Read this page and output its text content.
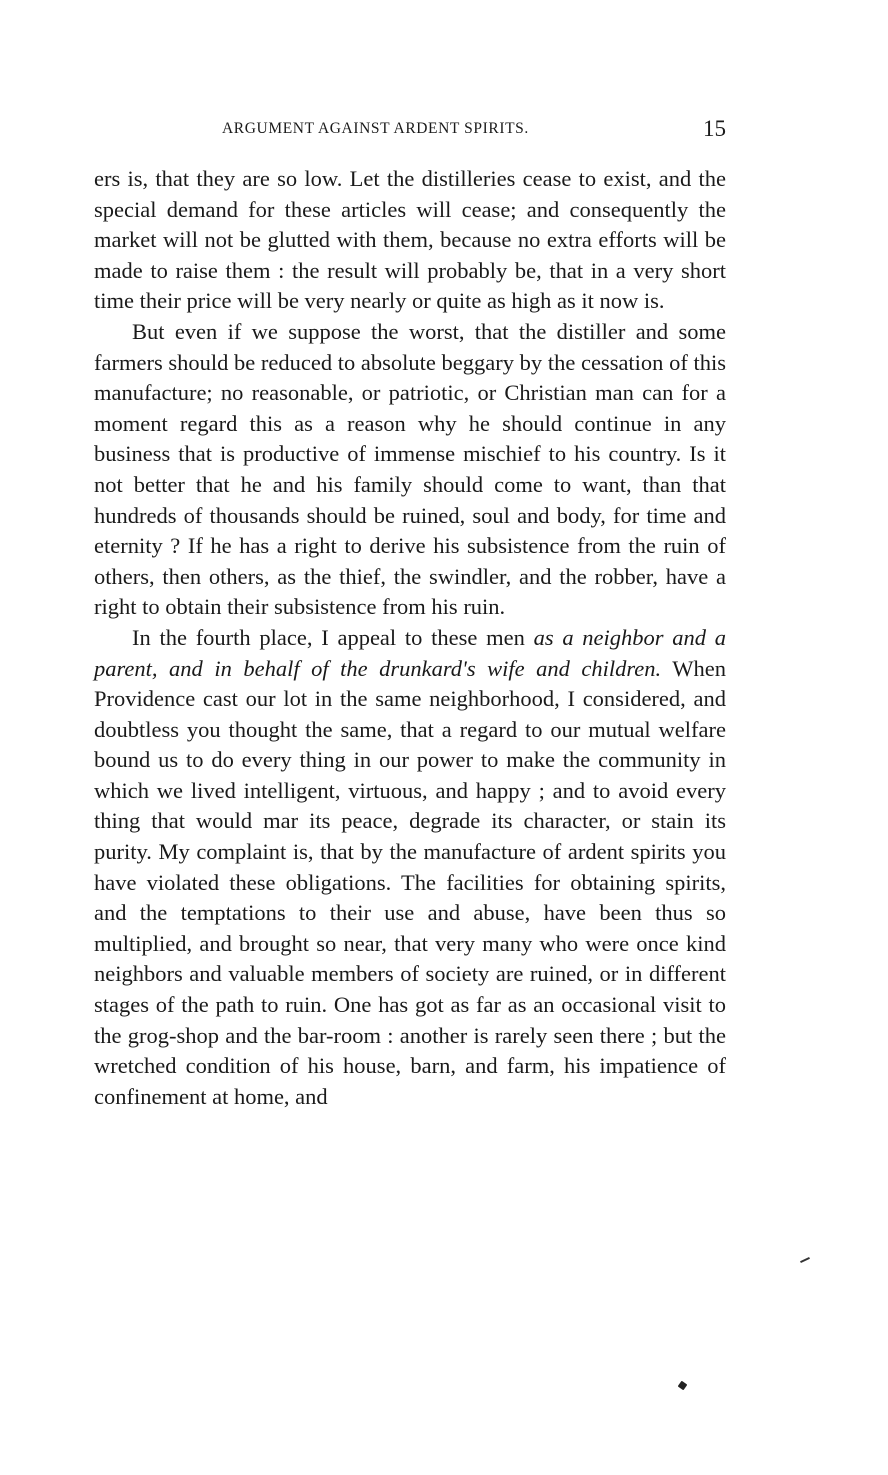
ARGUMENT AGAINST ARDENT SPIRITS.	15

ers is, that they are so low. Let the distilleries cease to exist, and the special demand for these articles will cease; and consequently the market will not be glutted with them, because no extra efforts will be made to raise them : the result will probably be, that in a very short time their price will be very nearly or quite as high as it now is.

But even if we suppose the worst, that the distiller and some farmers should be reduced to absolute beggary by the cessation of this manufacture; no reasonable, or patriotic, or Christian man can for a moment regard this as a reason why he should continue in any business that is productive of immense mischief to his country. Is it not better that he and his family should come to want, than that hundreds of thousands should be ruined, soul and body, for time and eternity ? If he has a right to derive his subsistence from the ruin of others, then others, as the thief, the swindler, and the robber, have a right to obtain their subsistence from his ruin.

In the fourth place, I appeal to these men as a neighbor and a parent, and in behalf of the drunkard's wife and children. When Providence cast our lot in the same neighborhood, I considered, and doubtless you thought the same, that a regard to our mutual welfare bound us to do every thing in our power to make the community in which we lived intelligent, virtuous, and happy ; and to avoid every thing that would mar its peace, degrade its character, or stain its purity. My complaint is, that by the manufacture of ardent spirits you have violated these obligations. The facilities for obtaining spirits, and the temptations to their use and abuse, have been thus so multiplied, and brought so near, that very many who were once kind neighbors and valuable members of society are ruined, or in different stages of the path to ruin. One has got as far as an occasional visit to the grog-shop and the bar-room : another is rarely seen there ; but the wretched condition of his house, barn, and farm, his impatience of confinement at home, and
